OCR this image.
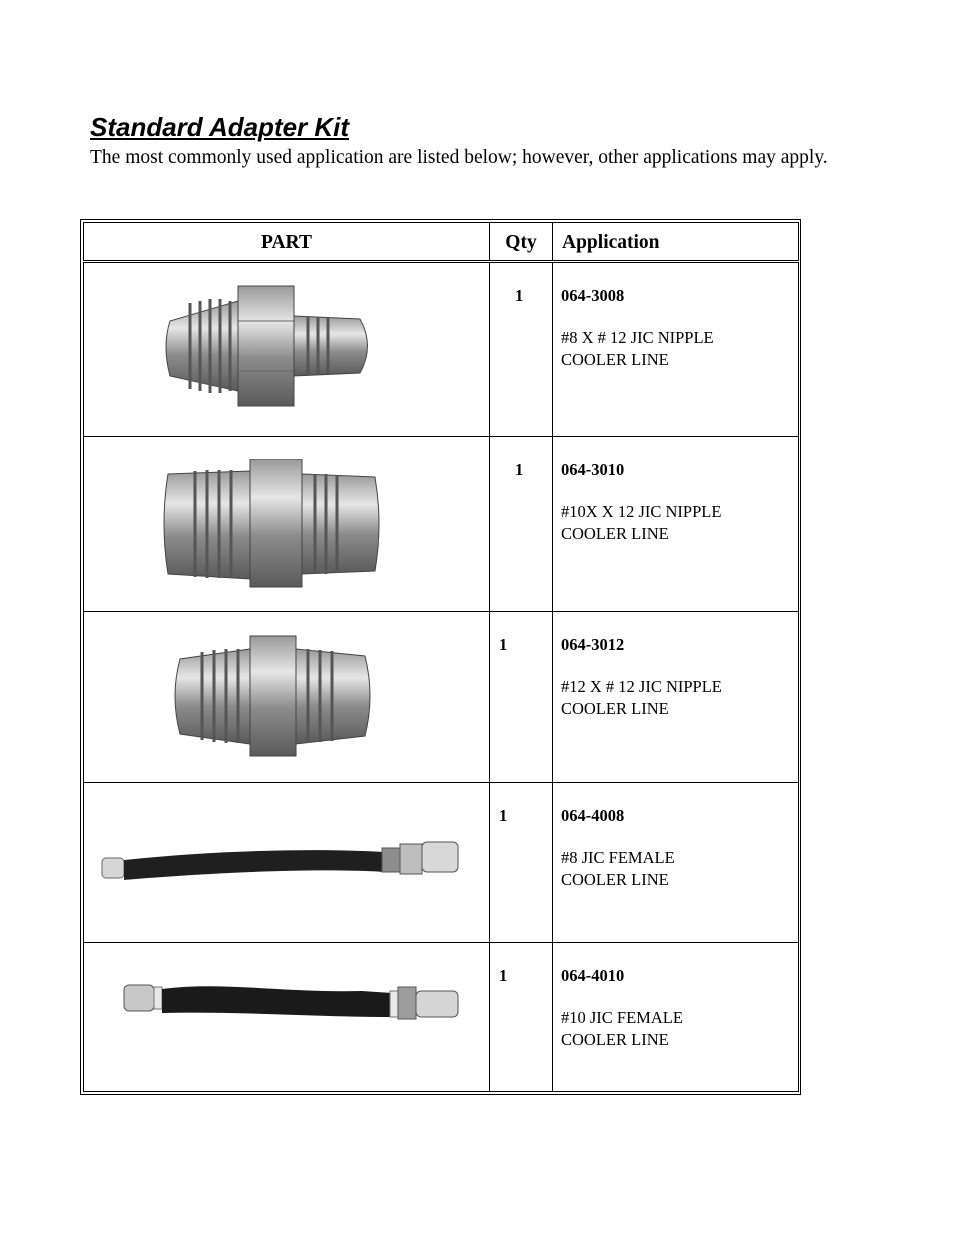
Standard Adapter Kit
The most commonly used application are listed below; however, other applications may apply.
PART	Qty	Application
1 064-3008
#8 X # 12 JIC NIPPLE
COOLER LINE
1 064-3010
#10X X 12 JIC NIPPLE
COOLER LINE
1	064-3012
#12 X # 12 JIC NIPPLE
COOLER LINE
1	064-4008
#8 JIC FEMALE
COOLER LINE
1	064-4010
#10 JIC FEMALE
COOLER LINE
